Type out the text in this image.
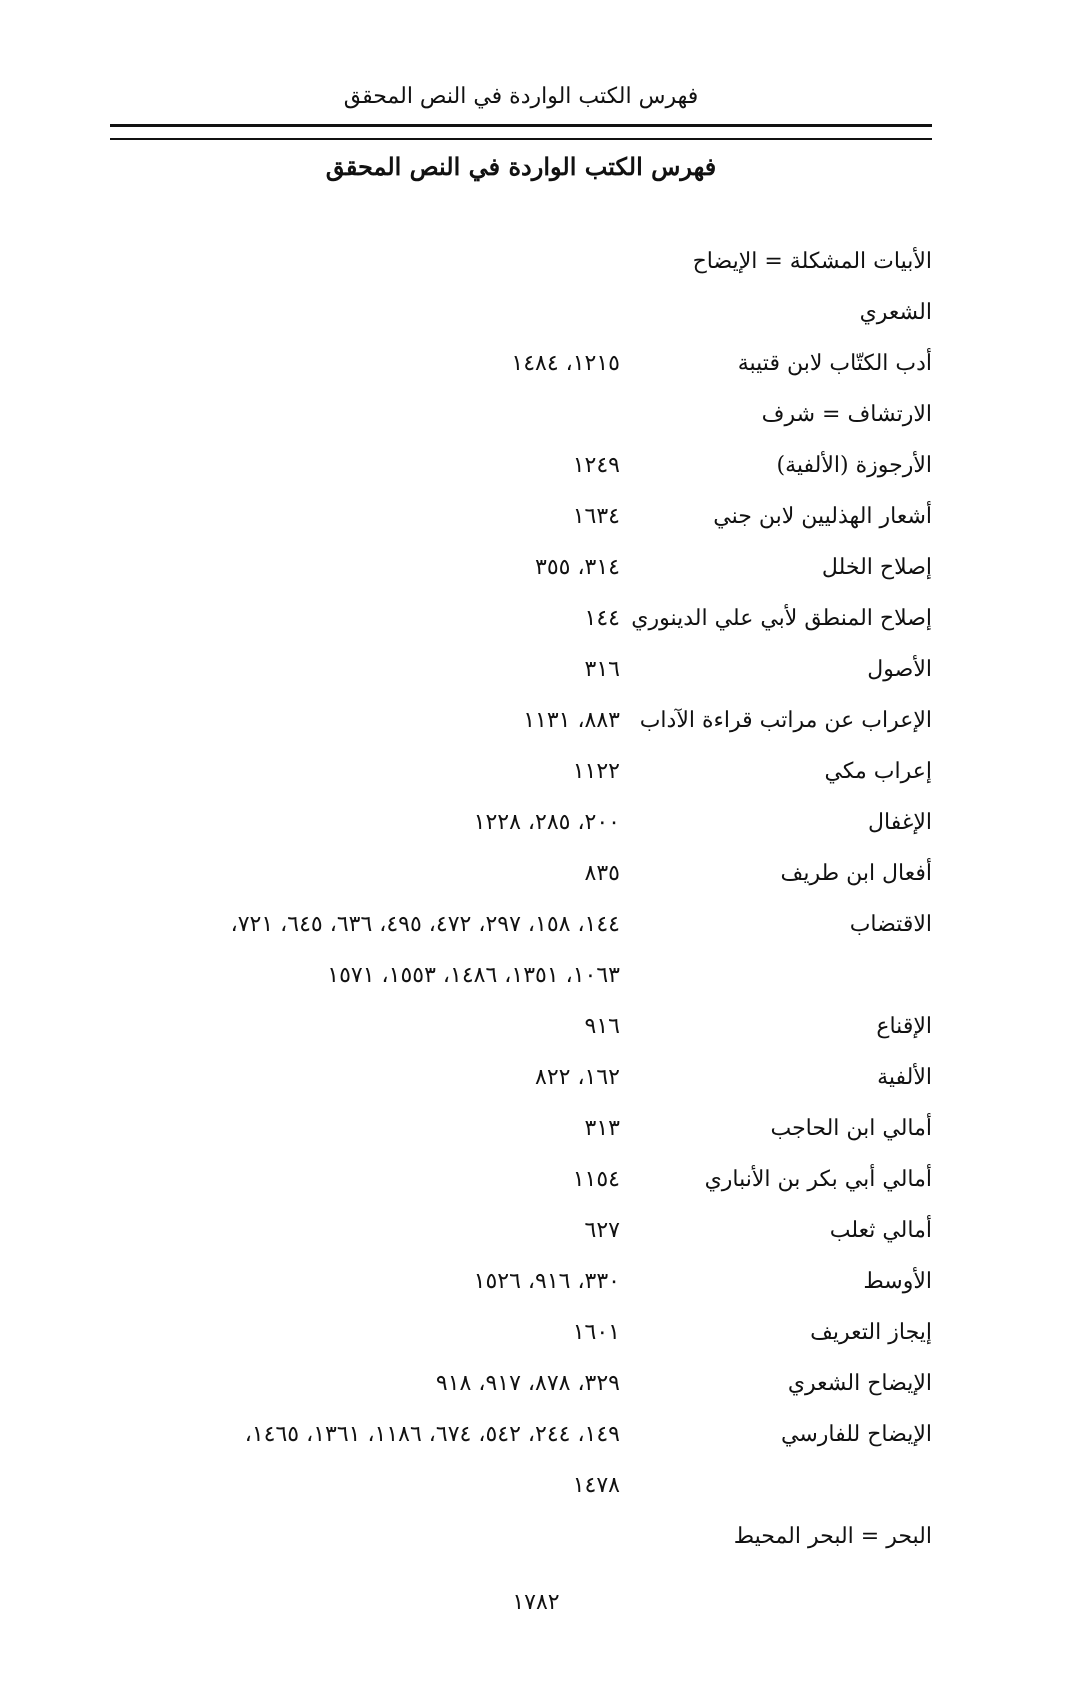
فهرس الكتب الواردة في النص المحقق
فهرس الكتب الواردة في النص المحقق
الأبيات المشكلة = الإيضاح
الشعري
أدب الكتّاب لابن قتيبة
١٢١٥، ١٤٨٤
الارتشاف = شرف
الأرجوزة (الألفية)
١٢٤٩
أشعار الهذليين لابن جني
١٦٣٤
إصلاح الخلل
٣١٤، ٣٥٥
إصلاح المنطق لأبي علي الدينوري
١٤٤
الأصول
٣١٦
الإعراب عن مراتب قراءة الآداب
٨٨٣، ١١٣١
إعراب مكي
١١٢٢
الإغفال
٢٠٠، ٢٨٥، ١٢٢٨
أفعال ابن طريف
٨٣٥
الاقتضاب
١٤٤، ١٥٨، ٢٩٧، ٤٧٢، ٤٩٥، ٦٣٦، ٦٤٥، ٧٢١،
١٠٦٣، ١٣٥١، ١٤٨٦، ١٥٥٣، ١٥٧١
الإقناع
٩١٦
الألفية
١٦٢، ٨٢٢
أمالي ابن الحاجب
٣١٣
أمالي أبي بكر بن الأنباري
١١٥٤
أمالي ثعلب
٦٢٧
الأوسط
٣٣٠، ٩١٦، ١٥٢٦
إيجاز التعريف
١٦٠١
الإيضاح الشعري
٣٢٩، ٨٧٨، ٩١٧، ٩١٨
الإيضاح للفارسي
١٤٩، ٢٤٤، ٥٤٢، ٦٧٤، ١١٨٦، ١٣٦١، ١٤٦٥،
١٤٧٨
البحر = البحر المحيط
١٧٨٢
